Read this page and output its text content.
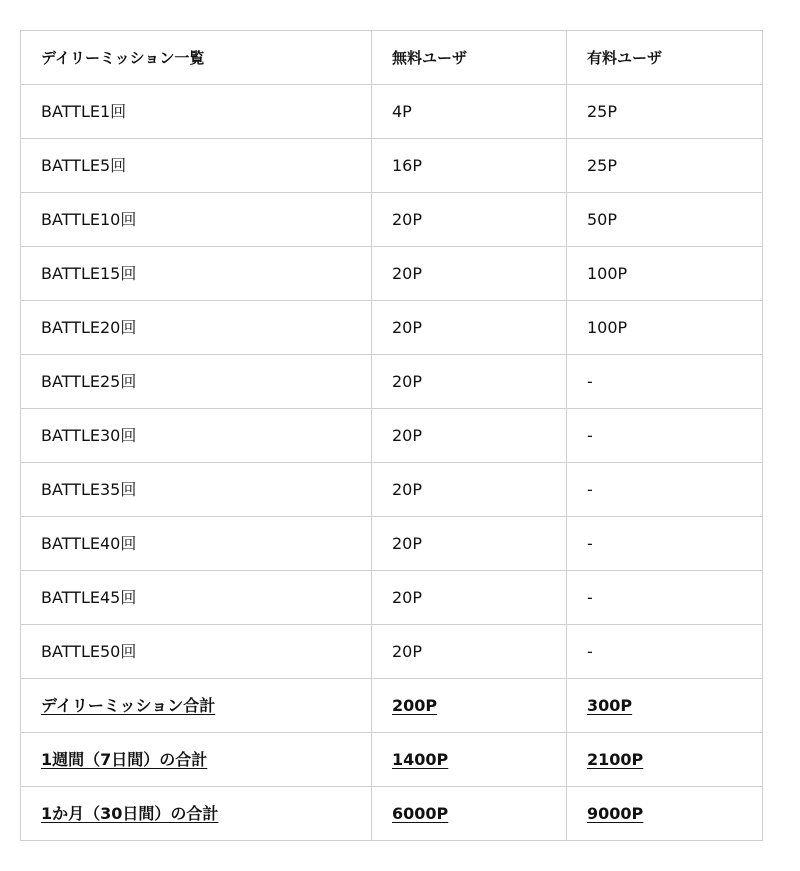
デイリーミッション一覧	無料ユーザ	有料ユーザ
BATTLE1回	4P	25P
BATTLE5回	16P	25P
BATTLE10回	20P	50P
BATTLE15回	20P	100P
BATTLE20回	20P	100P
BATTLE25回	20P	-
BATTLE30回	20P	-
BATTLE35回	20P	-
BATTLE40回	20P	-
BATTLE45回	20P	-
BATTLE50回	20P	-
デイリーミッション合計	200P	300P
1週間（7日間）の合計	1400P	2100P
1か月（30日間）の合計	6000P	9000P
